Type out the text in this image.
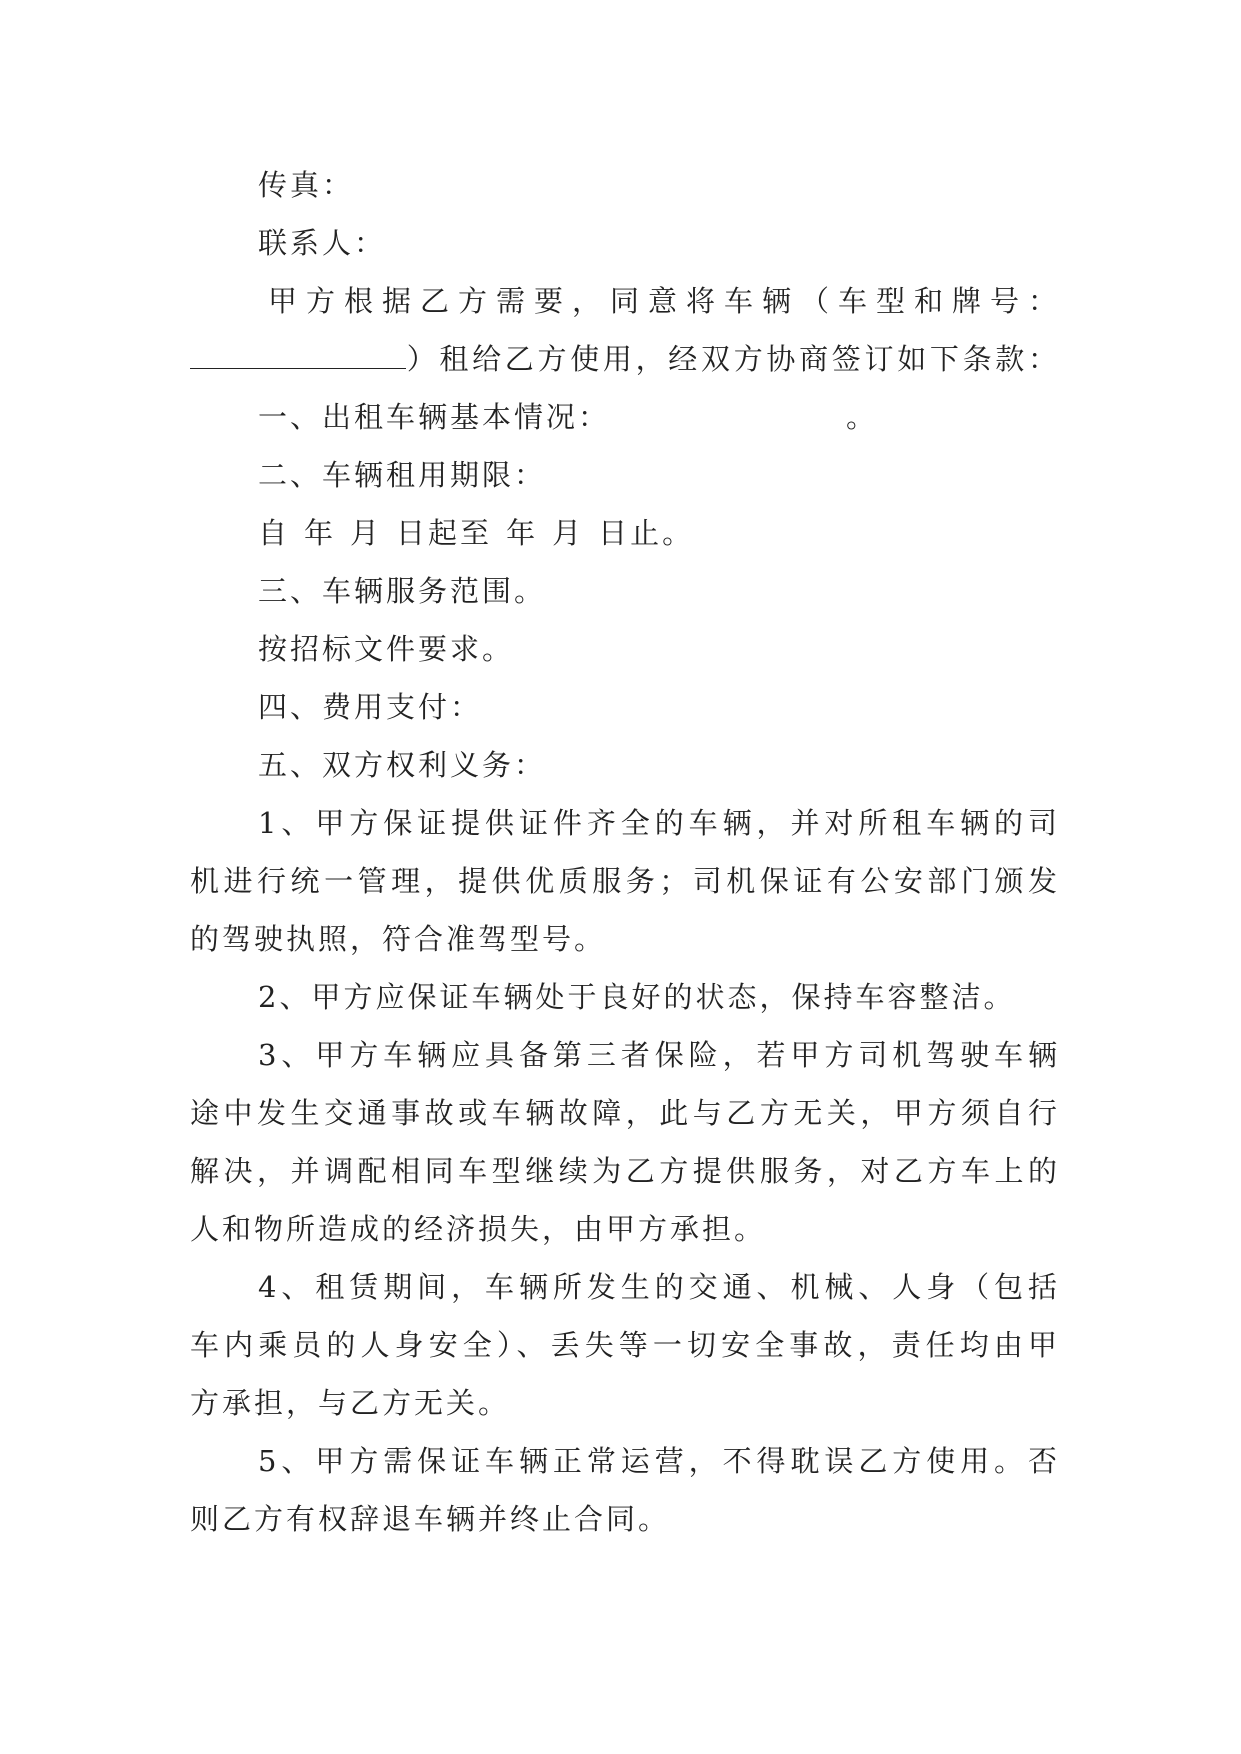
传真：
联系人：
甲方根据乙方需要，同意将车辆（车型和牌号：
）租给乙方使用，经双方协商签订如下条款：
一、出租车辆基本情况：	。
二、车辆租用期限：
自 年 月 日起至 年 月 日止。
三、车辆服务范围。
按招标文件要求。
四、费用支付：
五、双方权利义务：
1、甲方保证提供证件齐全的车辆，并对所租车辆的司
机进行统一管理，提供优质服务；司机保证有公安部门颁发
的驾驶执照，符合准驾型号。
2、甲方应保证车辆处于良好的状态，保持车容整洁。
3、甲方车辆应具备第三者保险，若甲方司机驾驶车辆
途中发生交通事故或车辆故障，此与乙方无关，甲方须自行
解决，并调配相同车型继续为乙方提供服务，对乙方车上的
人和物所造成的经济损失，由甲方承担。
4、租赁期间，车辆所发生的交通、机械、人身（包括
车内乘员的人身安全）、丢失等一切安全事故，责任均由甲
方承担，与乙方无关。
5、甲方需保证车辆正常运营，不得耽误乙方使用。否
则乙方有权辞退车辆并终止合同。
